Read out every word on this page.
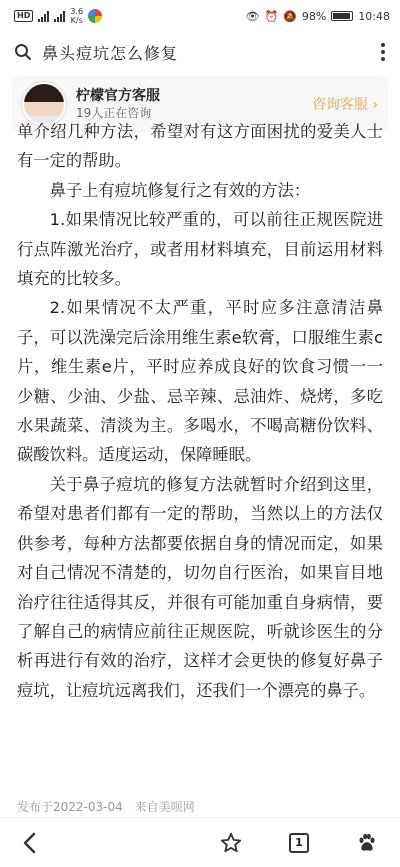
HD	3.6
K/s	👁 ⏰ 🔕 98%	10:48
鼻头痘坑怎么修复
柠檬官方客服
19人正在咨询	咨询客服 ›

单介绍几种方法，希望对有这方面困扰的爱美人士有一定的帮助。

鼻子上有痘坑修复行之有效的方法：

1.如果情况比较严重的，可以前往正规医院进行点阵激光治疗，或者用材料填充，目前运用材料填充的比较多。

2.如果情况不太严重，平时应多注意清洁鼻子，可以洗澡完后涂用维生素e软膏，口服维生素c片，维生素e片，平时应养成良好的饮食习惯一一少糖、少油、少盐、忌辛辣、忌油炸、烧烤，多吃水果蔬菜、清淡为主。多喝水，不喝高糖份饮料、碳酸饮料。适度运动，保障睡眠。

关于鼻子痘坑的修复方法就暂时介绍到这里，希望对患者们都有一定的帮助，当然以上的方法仅供参考，每种方法都要依据自身的情况而定，如果对自己情况不清楚的，切勿自行医治，如果盲目地治疗往往适得其反，并很有可能加重自身病情，要了解自己的病情应前往正规医院，听就诊医生的分析再进行有效的治疗，这样才会更快的修复好鼻子痘坑，让痘坑远离我们，还我们一个漂亮的鼻子。

发布于2022-03-04 来自美呗网
1
